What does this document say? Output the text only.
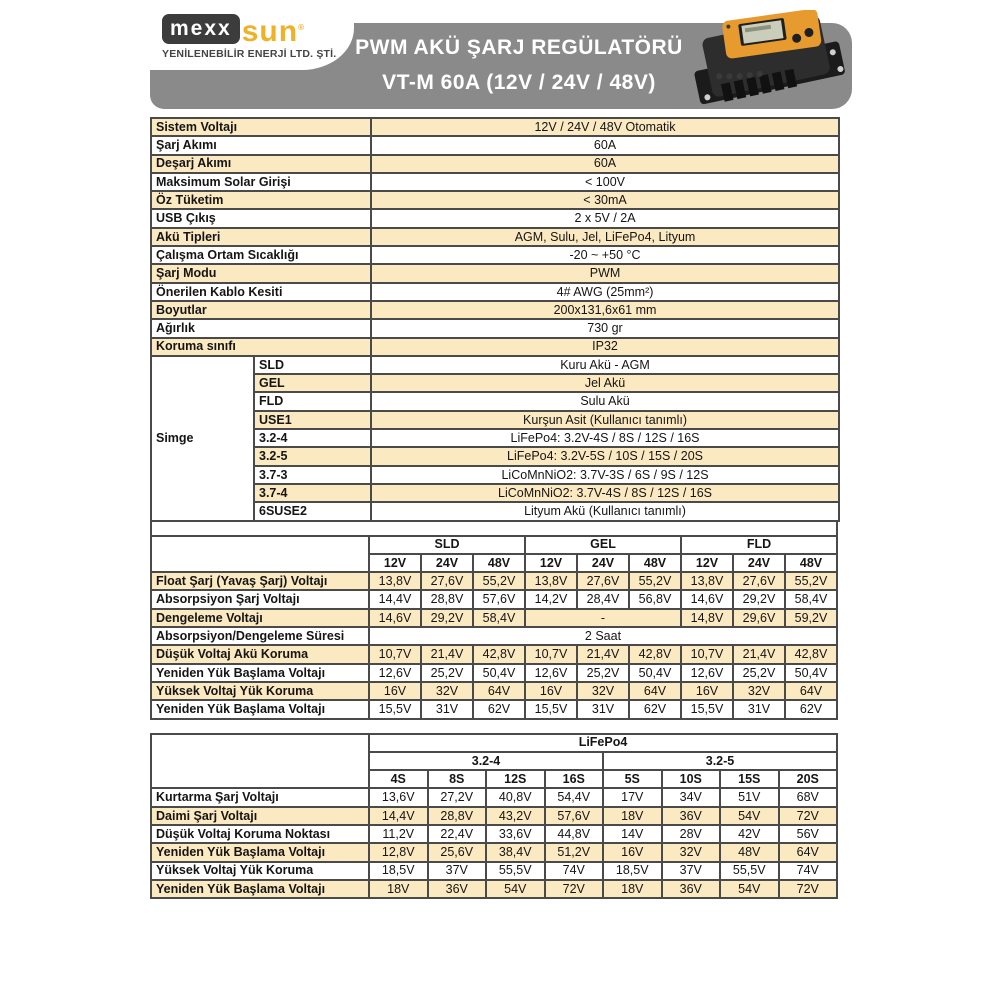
mexx sun ®
YENİLENEBİLİR ENERJİ LTD. ŞTİ. PWM AKÜ ŞARJ REGÜLATÖRÜ
VT-M 60A (12V / 24V / 48V)
Sistem Voltajı		12V / 24V / 48V Otomatik
Şarj Akımı		60A
Deşarj Akımı		60A
Maksimum Solar Girişi		< 100V
Öz Tüketim		< 30mA
USB Çıkış		2 x 5V / 2A
Akü Tipleri		AGM, Sulu, Jel, LiFePo4, Lityum
Çalışma Ortam Sıcaklığı		-20 ~ +50 °C
Şarj Modu		PWM
Önerilen Kablo Kesiti		4# AWG (25mm²)
Boyutlar		200x131,6x61 mm
Ağırlık		730 gr
Koruma sınıfı		IP32
Simge	SLD	Kuru Akü - AGM
	GEL	Jel Akü
	FLD	Sulu Akü
	USE1	Kurşun Asit (Kullanıcı tanımlı)
	3.2-4	LiFePo4: 3.2V-4S / 8S / 12S / 16S
	3.2-5	LiFePo4: 3.2V-5S / 10S / 15S / 20S
	3.7-3	LiCoMnNiO2: 3.7V-3S / 6S / 9S / 12S
	3.7-4	LiCoMnNiO2: 3.7V-4S / 8S / 12S / 16S
	6SUSE2	Lityum Akü (Kullanıcı tanımlı)
	SLD			GEL			FLD		
	12V	24V	48V	12V	24V	48V	12V	24V	48V
Float Şarj (Yavaş Şarj) Voltajı	13,8V	27,6V	55,2V	13,8V	27,6V	55,2V	13,8V	27,6V	55,2V
Absorpsiyon Şarj Voltajı	14,4V	28,8V	57,6V	14,2V	28,4V	56,8V	14,6V	29,2V	58,4V
Dengeleme Voltajı	14,6V	29,2V	58,4V	-			14,8V	29,6V	59,2V
Absorpsiyon/Dengeleme Süresi	2 Saat								
Düşük Voltaj Akü Koruma	10,7V	21,4V	42,8V	10,7V	21,4V	42,8V	10,7V	21,4V	42,8V
Yeniden Yük Başlama Voltajı	12,6V	25,2V	50,4V	12,6V	25,2V	50,4V	12,6V	25,2V	50,4V
Yüksek Voltaj Yük Koruma	16V	32V	64V	16V	32V	64V	16V	32V	64V
Yeniden Yük Başlama Voltajı	15,5V	31V	62V	15,5V	31V	62V	15,5V	31V	62V
	LiFePo4							
	3.2-4				3.2-5			
	4S	8S	12S	16S	5S	10S	15S	20S
Kurtarma Şarj Voltajı	13,6V	27,2V	40,8V	54,4V	17V	34V	51V	68V
Daimi Şarj Voltajı	14,4V	28,8V	43,2V	57,6V	18V	36V	54V	72V
Düşük Voltaj Koruma Noktası	11,2V	22,4V	33,6V	44,8V	14V	28V	42V	56V
Yeniden Yük Başlama Voltajı	12,8V	25,6V	38,4V	51,2V	16V	32V	48V	64V
Yüksek Voltaj Yük Koruma	18,5V	37V	55,5V	74V	18,5V	37V	55,5V	74V
Yeniden Yük Başlama Voltajı	18V	36V	54V	72V	18V	36V	54V	72V
